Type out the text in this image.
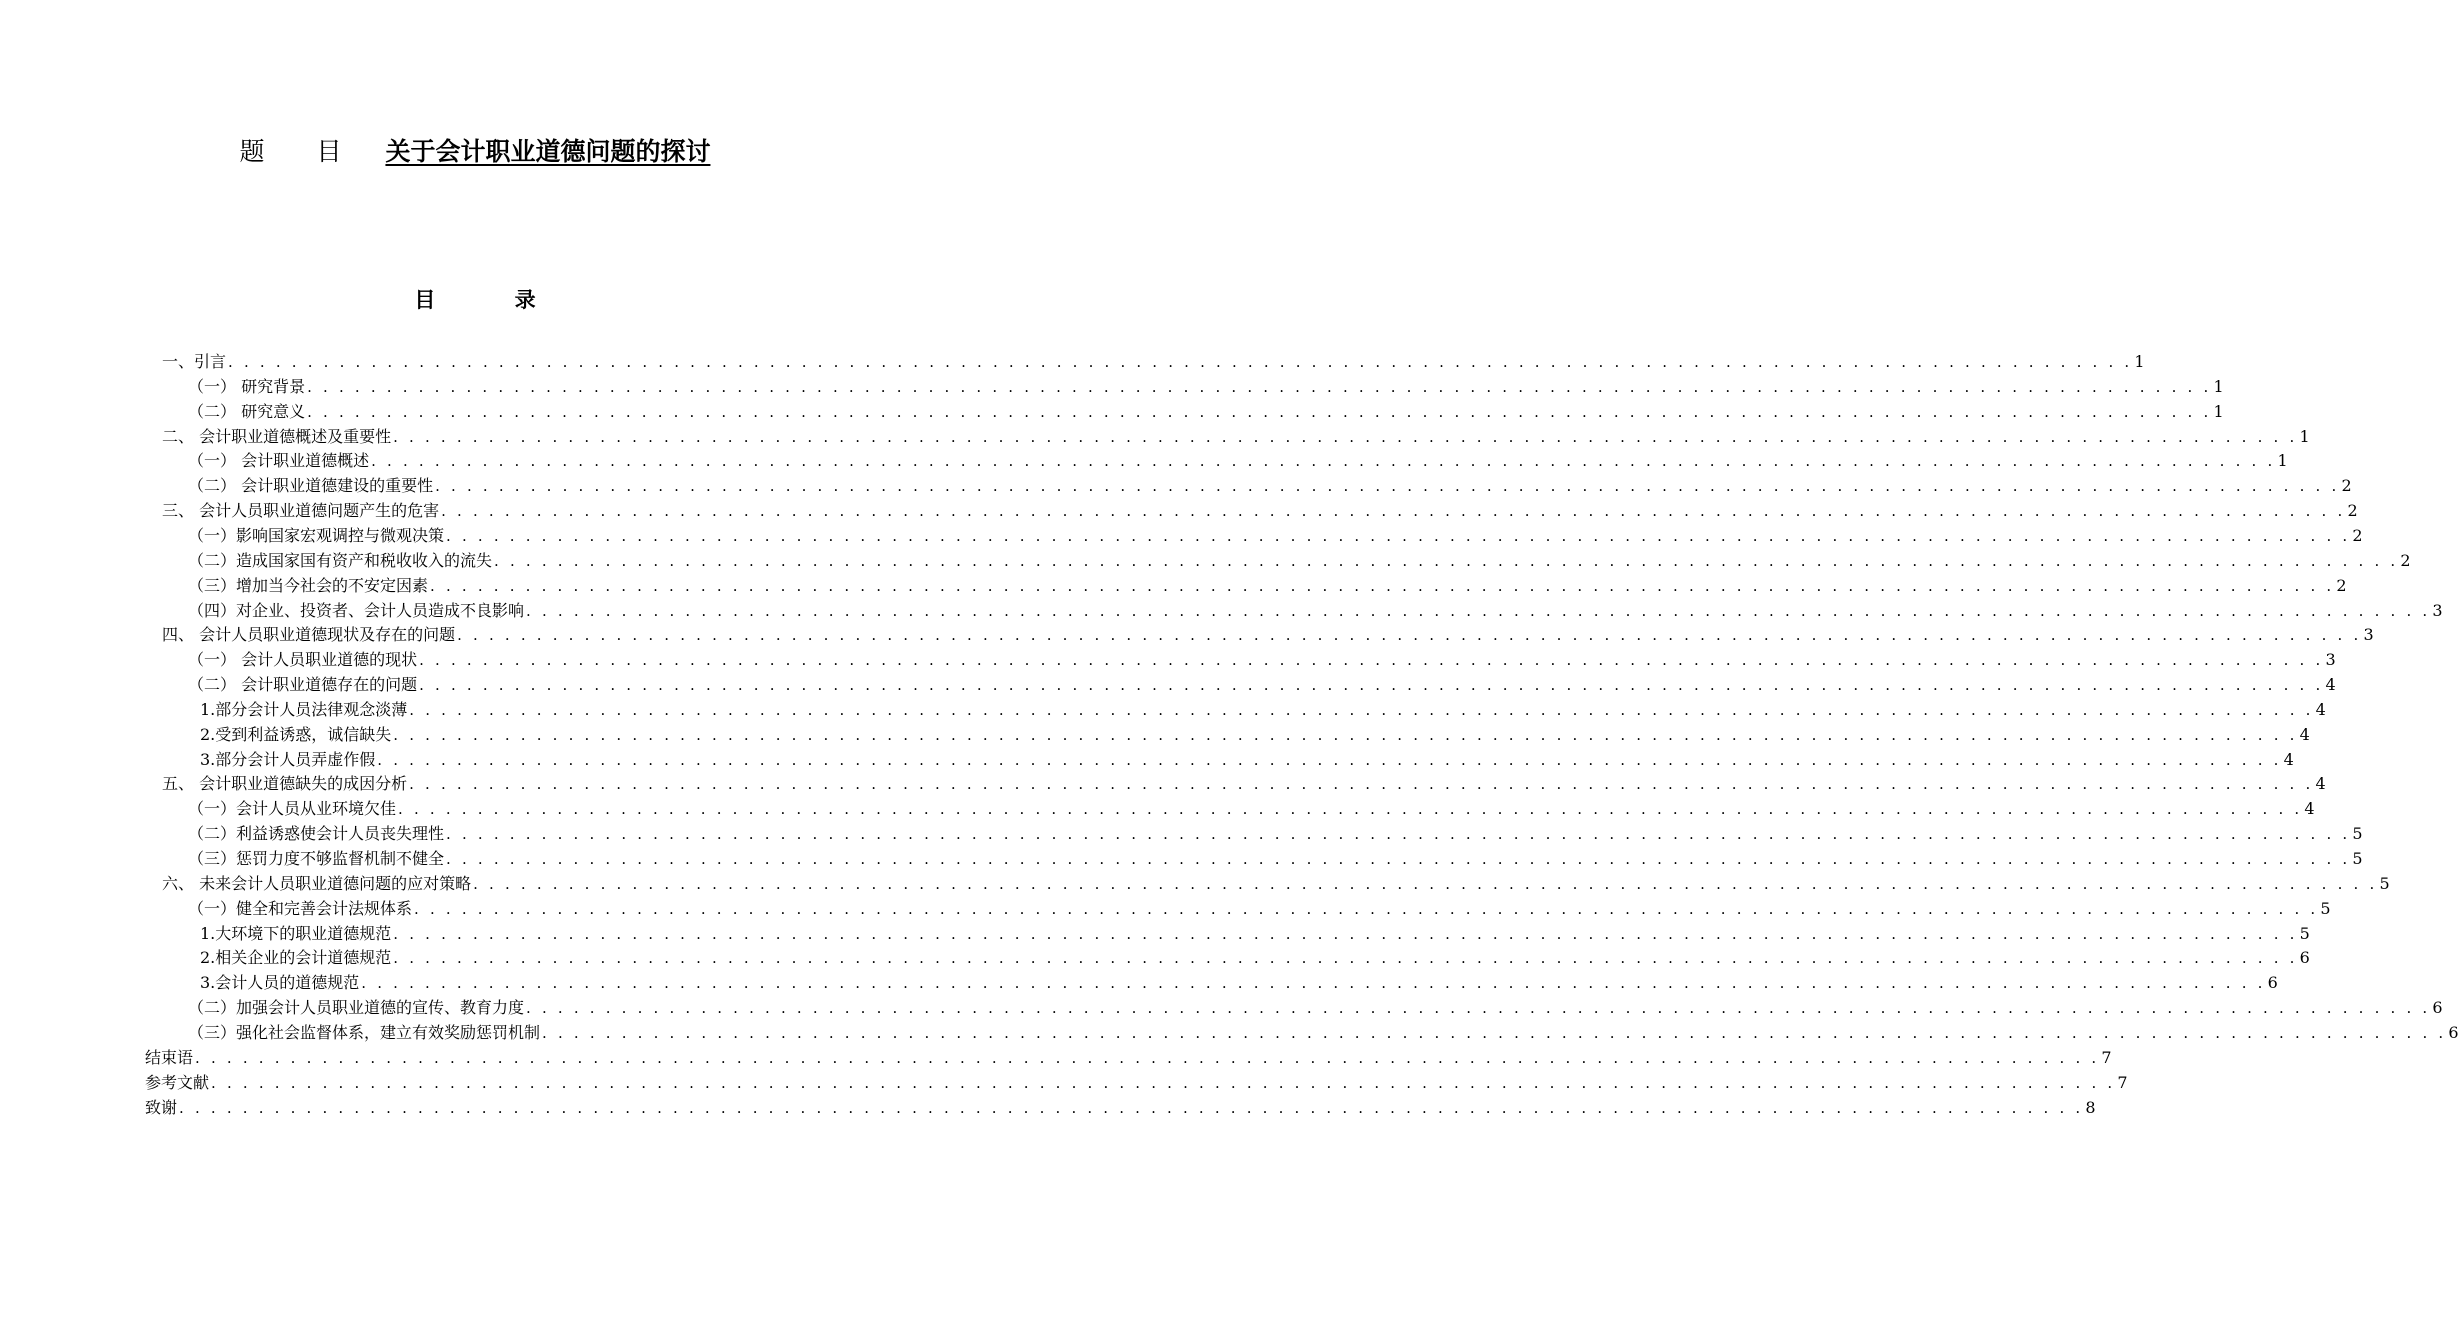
题 目 关于会计职业道德问题的探讨
目 录
一、引言 . . . . . . . . . . . . . . . . . . . . . . . . . . . . . . . . . . . . . . . . . . . . . . . . . . . . . . . . . . . . . . . . . . . . . . . . . . . . . . . . . . . . . . . . . . . . . . . . . . . . . . . . . . . . . . . . . . . . . . . . 1
（一） 研究背景 . . . . . . . . . . . . . . . . . . . . . . . . . . . . . . . . . . . . . . . . . . . . . . . . . . . . . . . . . . . . . . . . . . . . . . . . . . . . . . . . . . . . . . . . . . . . . . . . . . . . . . . . . . . . . . . . . . . . . . . . 1
（二） 研究意义 . . . . . . . . . . . . . . . . . . . . . . . . . . . . . . . . . . . . . . . . . . . . . . . . . . . . . . . . . . . . . . . . . . . . . . . . . . . . . . . . . . . . . . . . . . . . . . . . . . . . . . . . . . . . . . . . . . . . . . . . 1
二、 会计职业道德概述及重要性 . . . . . . . . . . . . . . . . . . . . . . . . . . . . . . . . . . . . . . . . . . . . . . . . . . . . . . . . . . . . . . . . . . . . . . . . . . . . . . . . . . . . . . . . . . . . . . . . . . . . . . . . . . . . . . . . . . . . . . . . 1
（一） 会计职业道德概述 . . . . . . . . . . . . . . . . . . . . . . . . . . . . . . . . . . . . . . . . . . . . . . . . . . . . . . . . . . . . . . . . . . . . . . . . . . . . . . . . . . . . . . . . . . . . . . . . . . . . . . . . . . . . . . . . . . . . . . . . 1
（二） 会计职业道德建设的重要性 . . . . . . . . . . . . . . . . . . . . . . . . . . . . . . . . . . . . . . . . . . . . . . . . . . . . . . . . . . . . . . . . . . . . . . . . . . . . . . . . . . . . . . . . . . . . . . . . . . . . . . . . . . . . . . . . . . . . . . . . 2
三、 会计人员职业道德问题产生的危害 . . . . . . . . . . . . . . . . . . . . . . . . . . . . . . . . . . . . . . . . . . . . . . . . . . . . . . . . . . . . . . . . . . . . . . . . . . . . . . . . . . . . . . . . . . . . . . . . . . . . . . . . . . . . . . . . . . . . . . . . 2
（一）影响国家宏观调控与微观决策 . . . . . . . . . . . . . . . . . . . . . . . . . . . . . . . . . . . . . . . . . . . . . . . . . . . . . . . . . . . . . . . . . . . . . . . . . . . . . . . . . . . . . . . . . . . . . . . . . . . . . . . . . . . . . . . . . . . . . . . . 2
（二）造成国家国有资产和税收收入的流失 . . . . . . . . . . . . . . . . . . . . . . . . . . . . . . . . . . . . . . . . . . . . . . . . . . . . . . . . . . . . . . . . . . . . . . . . . . . . . . . . . . . . . . . . . . . . . . . . . . . . . . . . . . . . . . . . . . . . . . . . 2
（三）增加当今社会的不安定因素 . . . . . . . . . . . . . . . . . . . . . . . . . . . . . . . . . . . . . . . . . . . . . . . . . . . . . . . . . . . . . . . . . . . . . . . . . . . . . . . . . . . . . . . . . . . . . . . . . . . . . . . . . . . . . . . . . . . . . . . . 2
（四）对企业、投资者、会计人员造成不良影响 . . . . . . . . . . . . . . . . . . . . . . . . . . . . . . . . . . . . . . . . . . . . . . . . . . . . . . . . . . . . . . . . . . . . . . . . . . . . . . . . . . . . . . . . . . . . . . . . . . . . . . . . . . . . . . . . . . . . . . . . 3
四、 会计人员职业道德现状及存在的问题 . . . . . . . . . . . . . . . . . . . . . . . . . . . . . . . . . . . . . . . . . . . . . . . . . . . . . . . . . . . . . . . . . . . . . . . . . . . . . . . . . . . . . . . . . . . . . . . . . . . . . . . . . . . . . . . . . . . . . . . . 3
（一） 会计人员职业道德的现状 . . . . . . . . . . . . . . . . . . . . . . . . . . . . . . . . . . . . . . . . . . . . . . . . . . . . . . . . . . . . . . . . . . . . . . . . . . . . . . . . . . . . . . . . . . . . . . . . . . . . . . . . . . . . . . . . . . . . . . . . 3
（二） 会计职业道德存在的问题 . . . . . . . . . . . . . . . . . . . . . . . . . . . . . . . . . . . . . . . . . . . . . . . . . . . . . . . . . . . . . . . . . . . . . . . . . . . . . . . . . . . . . . . . . . . . . . . . . . . . . . . . . . . . . . . . . . . . . . . . 4
1.部分会计人员法律观念淡薄 . . . . . . . . . . . . . . . . . . . . . . . . . . . . . . . . . . . . . . . . . . . . . . . . . . . . . . . . . . . . . . . . . . . . . . . . . . . . . . . . . . . . . . . . . . . . . . . . . . . . . . . . . . . . . . . . . . . . . . . . 4
2.受到利益诱惑，诚信缺失 . . . . . . . . . . . . . . . . . . . . . . . . . . . . . . . . . . . . . . . . . . . . . . . . . . . . . . . . . . . . . . . . . . . . . . . . . . . . . . . . . . . . . . . . . . . . . . . . . . . . . . . . . . . . . . . . . . . . . . . . 4
3.部分会计人员弄虚作假 . . . . . . . . . . . . . . . . . . . . . . . . . . . . . . . . . . . . . . . . . . . . . . . . . . . . . . . . . . . . . . . . . . . . . . . . . . . . . . . . . . . . . . . . . . . . . . . . . . . . . . . . . . . . . . . . . . . . . . . . 4
五、 会计职业道德缺失的成因分析 . . . . . . . . . . . . . . . . . . . . . . . . . . . . . . . . . . . . . . . . . . . . . . . . . . . . . . . . . . . . . . . . . . . . . . . . . . . . . . . . . . . . . . . . . . . . . . . . . . . . . . . . . . . . . . . . . . . . . . . . 4
（一）会计人员从业环境欠佳 . . . . . . . . . . . . . . . . . . . . . . . . . . . . . . . . . . . . . . . . . . . . . . . . . . . . . . . . . . . . . . . . . . . . . . . . . . . . . . . . . . . . . . . . . . . . . . . . . . . . . . . . . . . . . . . . . . . . . . . . 4
（二）利益诱惑使会计人员丧失理性 . . . . . . . . . . . . . . . . . . . . . . . . . . . . . . . . . . . . . . . . . . . . . . . . . . . . . . . . . . . . . . . . . . . . . . . . . . . . . . . . . . . . . . . . . . . . . . . . . . . . . . . . . . . . . . . . . . . . . . . . 5
（三）惩罚力度不够监督机制不健全 . . . . . . . . . . . . . . . . . . . . . . . . . . . . . . . . . . . . . . . . . . . . . . . . . . . . . . . . . . . . . . . . . . . . . . . . . . . . . . . . . . . . . . . . . . . . . . . . . . . . . . . . . . . . . . . . . . . . . . . . 5
六、 未来会计人员职业道德问题的应对策略 . . . . . . . . . . . . . . . . . . . . . . . . . . . . . . . . . . . . . . . . . . . . . . . . . . . . . . . . . . . . . . . . . . . . . . . . . . . . . . . . . . . . . . . . . . . . . . . . . . . . . . . . . . . . . . . . . . . . . . . . 5
（一）健全和完善会计法规体系 . . . . . . . . . . . . . . . . . . . . . . . . . . . . . . . . . . . . . . . . . . . . . . . . . . . . . . . . . . . . . . . . . . . . . . . . . . . . . . . . . . . . . . . . . . . . . . . . . . . . . . . . . . . . . . . . . . . . . . . . 5
1.大环境下的职业道德规范 . . . . . . . . . . . . . . . . . . . . . . . . . . . . . . . . . . . . . . . . . . . . . . . . . . . . . . . . . . . . . . . . . . . . . . . . . . . . . . . . . . . . . . . . . . . . . . . . . . . . . . . . . . . . . . . . . . . . . . . . 5
2.相关企业的会计道德规范 . . . . . . . . . . . . . . . . . . . . . . . . . . . . . . . . . . . . . . . . . . . . . . . . . . . . . . . . . . . . . . . . . . . . . . . . . . . . . . . . . . . . . . . . . . . . . . . . . . . . . . . . . . . . . . . . . . . . . . . . 6
3.会计人员的道德规范 . . . . . . . . . . . . . . . . . . . . . . . . . . . . . . . . . . . . . . . . . . . . . . . . . . . . . . . . . . . . . . . . . . . . . . . . . . . . . . . . . . . . . . . . . . . . . . . . . . . . . . . . . . . . . . . . . . . . . . . . 6
（二）加强会计人员职业道德的宣传、教育力度 . . . . . . . . . . . . . . . . . . . . . . . . . . . . . . . . . . . . . . . . . . . . . . . . . . . . . . . . . . . . . . . . . . . . . . . . . . . . . . . . . . . . . . . . . . . . . . . . . . . . . . . . . . . . . . . . . . . . . . . . 6
（三）强化社会监督体系，建立有效奖励惩罚机制 . . . . . . . . . . . . . . . . . . . . . . . . . . . . . . . . . . . . . . . . . . . . . . . . . . . . . . . . . . . . . . . . . . . . . . . . . . . . . . . . . . . . . . . . . . . . . . . . . . . . . . . . . . . . . . . . . . . . . . . . 6
结束语 . . . . . . . . . . . . . . . . . . . . . . . . . . . . . . . . . . . . . . . . . . . . . . . . . . . . . . . . . . . . . . . . . . . . . . . . . . . . . . . . . . . . . . . . . . . . . . . . . . . . . . . . . . . . . . . . . . . . . . . . 7
参考文献 . . . . . . . . . . . . . . . . . . . . . . . . . . . . . . . . . . . . . . . . . . . . . . . . . . . . . . . . . . . . . . . . . . . . . . . . . . . . . . . . . . . . . . . . . . . . . . . . . . . . . . . . . . . . . . . . . . . . . . . . 7
致谢 . . . . . . . . . . . . . . . . . . . . . . . . . . . . . . . . . . . . . . . . . . . . . . . . . . . . . . . . . . . . . . . . . . . . . . . . . . . . . . . . . . . . . . . . . . . . . . . . . . . . . . . . . . . . . . . . . . . . . . . . 8
